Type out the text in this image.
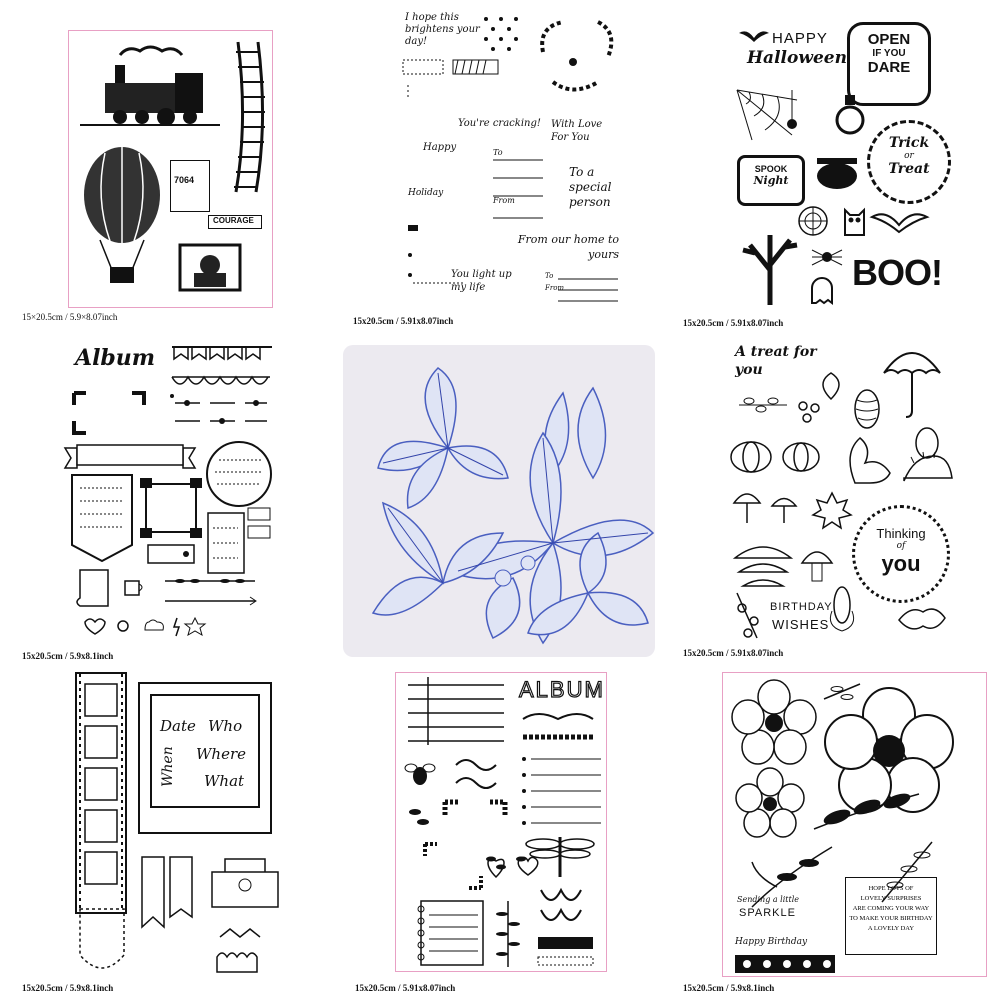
7064
COURAGE
15×20.5cm / 5.9×8.07inch
I hope this brightens your day!
You're cracking! With Love For You
Happy	To
To a special person
Holiday
From
From our home to yours
You light up my life
To
From
15x20.5cm / 5.91x8.07inch
HAPPY
Halloween
OPEN
IF YOU
DARE
Trick
or
Treat
SPOOK
Night
BOO!
15x20.5cm / 5.91x8.07inch
Album
15x20.5cm / 5.9x8.1inch
A treat for you
Thinking
of
you
BIRTHDAY
WISHES
15x20.5cm / 5.91x8.07inch
Date Who
When Where
What
15x20.5cm / 5.9x8.1inch
ALBUM
15x20.5cm / 5.91x8.07inch
Sending a little
SPARKLE
Happy Birthday
HOPE LOTS OF
LOVELY SURPRISES
ARE COMING YOUR WAY
TO MAKE YOUR BIRTHDAY
A LOVELY DAY
15x20.5cm / 5.9x8.1inch
